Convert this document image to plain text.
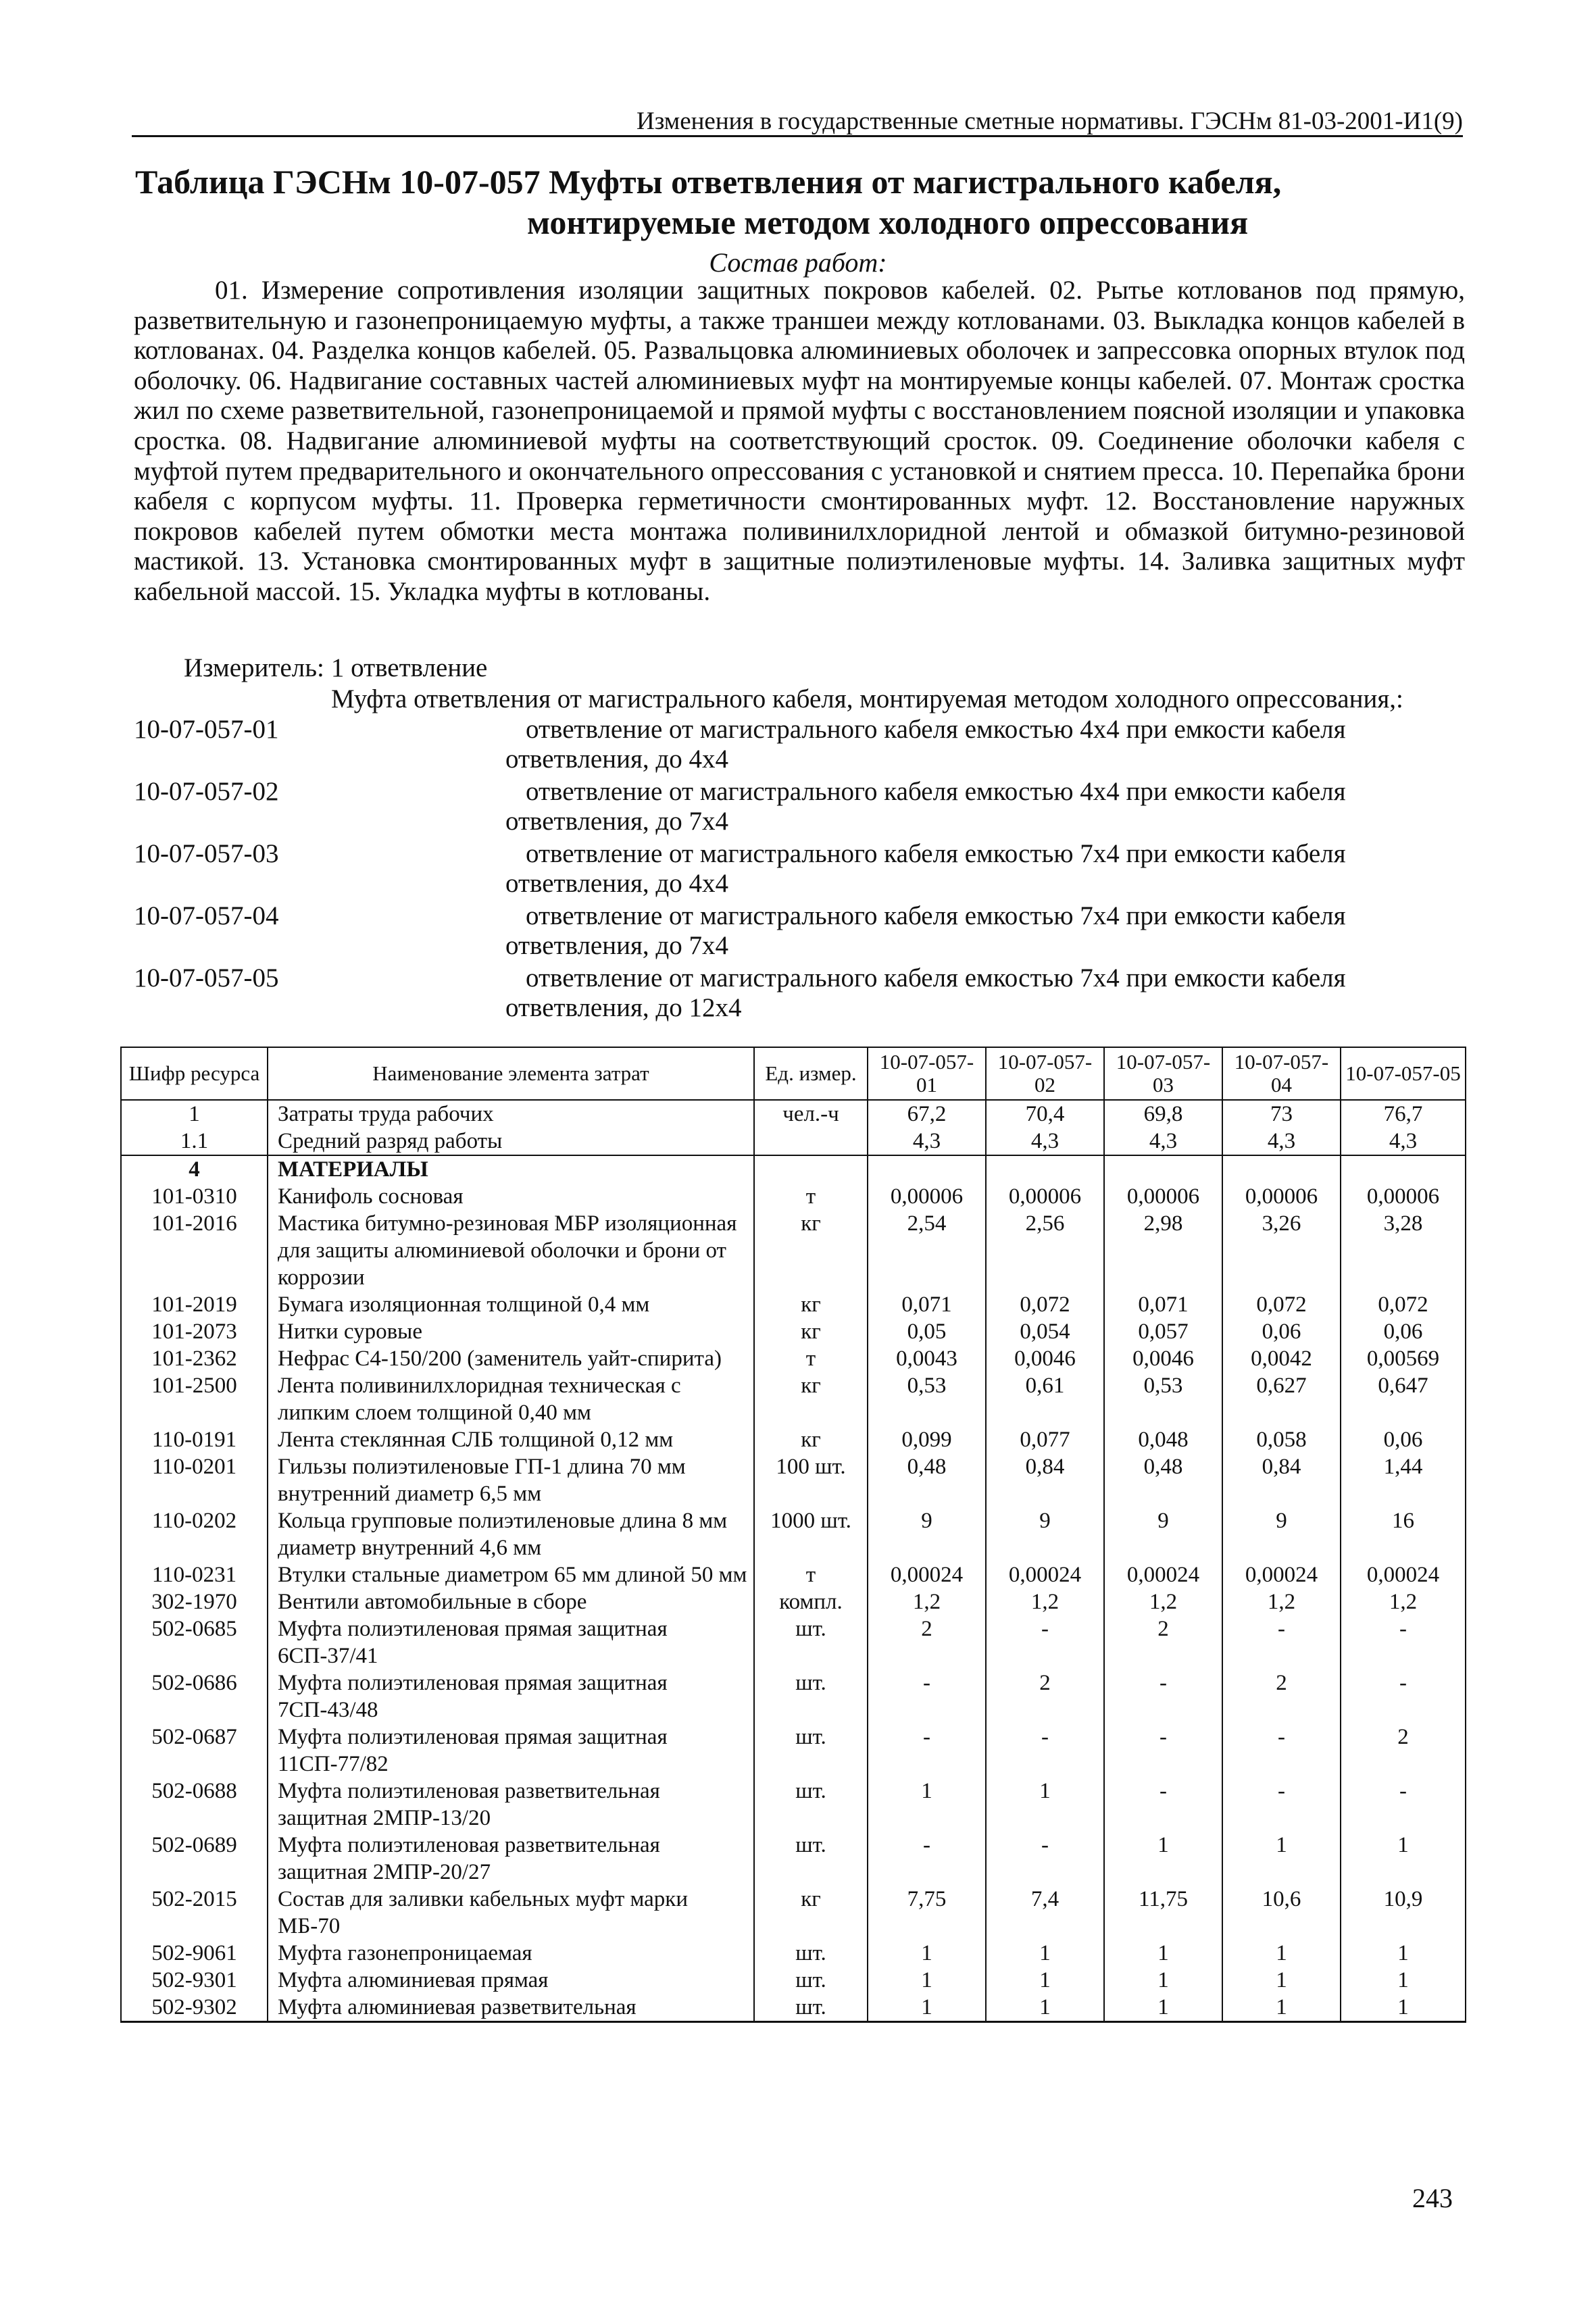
Изменения в государственные сметные нормативы. ГЭСНм 81-03-2001-И1(9)
Таблица ГЭСНм 10-07-057 Муфты ответвления от магистрального кабеля,
монтируемые методом холодного опрессования
Состав работ:
01. Измерение сопротивления изоляции защитных покровов кабелей. 02. Рытье котлованов под прямую, разветвительную и газонепроницаемую муфты, а также траншеи между котлованами. 03. Выкладка концов кабелей в котлованах. 04. Разделка концов кабелей. 05. Развальцовка алюминиевых оболочек и запрессовка опорных втулок под оболочку. 06. Надвигание составных частей алюминиевых муфт на монтируемые концы кабелей. 07. Монтаж сростка жил по схеме разветвительной, газонепроницаемой и прямой муфты с восстановлением поясной изоляции и упаковка сростка. 08. Надвигание алюминиевой муфты на соответствующий сросток. 09. Соединение оболочки кабеля с муфтой путем предварительного и окончательного опрессования с установкой и снятием пресса. 10. Перепайка брони кабеля с корпусом муфты. 11. Проверка герметичности смонтированных муфт. 12. Восстановление наружных покровов кабелей путем обмотки места монтажа поливинилхлоридной лентой и обмазкой битумно-резиновой мастикой. 13. Установка смонтированных муфт в защитные полиэтиленовые муфты. 14. Заливка защитных муфт кабельной массой. 15. Укладка муфты в котлованы.
Измеритель: 1 ответвление
Муфта ответвления от магистрального кабеля, монтируемая методом холодного опрессования,:
10-07-057-01	ответвление от магистрального кабеля емкостью 4х4 при емкости кабеля ответвления, до 4х4
10-07-057-02	ответвление от магистрального кабеля емкостью 4х4 при емкости кабеля ответвления, до 7х4
10-07-057-03	ответвление от магистрального кабеля емкостью 7х4 при емкости кабеля ответвления, до 4х4
10-07-057-04	ответвление от магистрального кабеля емкостью 7х4 при емкости кабеля ответвления, до 7х4
10-07-057-05	ответвление от магистрального кабеля емкостью 7х4 при емкости кабеля ответвления, до 12х4
Шифр ресурса	Наименование элемента затрат	Ед. измер.	10-07-057-01	10-07-057-02	10-07-057-03	10-07-057-04	10-07-057-05
1	Затраты труда рабочих	чел.-ч	67,2	70,4	69,8	73	76,7
1.1	Средний разряд работы		4,3	4,3	4,3	4,3	4,3
4	МАТЕРИАЛЫ						
101-0310	Канифоль сосновая	т	0,00006	0,00006	0,00006	0,00006	0,00006
101-2016	Мастика битумно-резиновая МБР изоляционная для защиты алюминиевой оболочки и брони от коррозии	кг	2,54	2,56	2,98	3,26	3,28
101-2019	Бумага изоляционная толщиной 0,4 мм	кг	0,071	0,072	0,071	0,072	0,072
101-2073	Нитки суровые	кг	0,05	0,054	0,057	0,06	0,06
101-2362	Нефрас С4-150/200 (заменитель уайт-спирита)	т	0,0043	0,0046	0,0046	0,0042	0,00569
101-2500	Лента поливинилхлоридная техническая с липким слоем толщиной 0,40 мм	кг	0,53	0,61	0,53	0,627	0,647
110-0191	Лента стеклянная СЛБ толщиной 0,12 мм	кг	0,099	0,077	0,048	0,058	0,06
110-0201	Гильзы полиэтиленовые ГП-1 длина 70 мм внутренний диаметр 6,5 мм	100 шт.	0,48	0,84	0,48	0,84	1,44
110-0202	Кольца групповые полиэтиленовые длина 8 мм диаметр внутренний 4,6 мм	1000 шт.	9	9	9	9	16
110-0231	Втулки стальные диаметром 65 мм длиной 50 мм	т	0,00024	0,00024	0,00024	0,00024	0,00024
302-1970	Вентили автомобильные в сборе	компл.	1,2	1,2	1,2	1,2	1,2
502-0685	Муфта полиэтиленовая прямая защитная 6СП-37/41	шт.	2	-	2	-	-
502-0686	Муфта полиэтиленовая прямая защитная 7СП-43/48	шт.	-	2	-	2	-
502-0687	Муфта полиэтиленовая прямая защитная 11СП-77/82	шт.	-	-	-	-	2
502-0688	Муфта полиэтиленовая разветвительная защитная 2МПР-13/20	шт.	1	1	-	-	-
502-0689	Муфта полиэтиленовая разветвительная защитная 2МПР-20/27	шт.	-	-	1	1	1
502-2015	Состав для заливки кабельных муфт марки МБ-70	кг	7,75	7,4	11,75	10,6	10,9
502-9061	Муфта газонепроницаемая	шт.	1	1	1	1	1
502-9301	Муфта алюминиевая прямая	шт.	1	1	1	1	1
502-9302	Муфта алюминиевая разветвительная	шт.	1	1	1	1	1
243
